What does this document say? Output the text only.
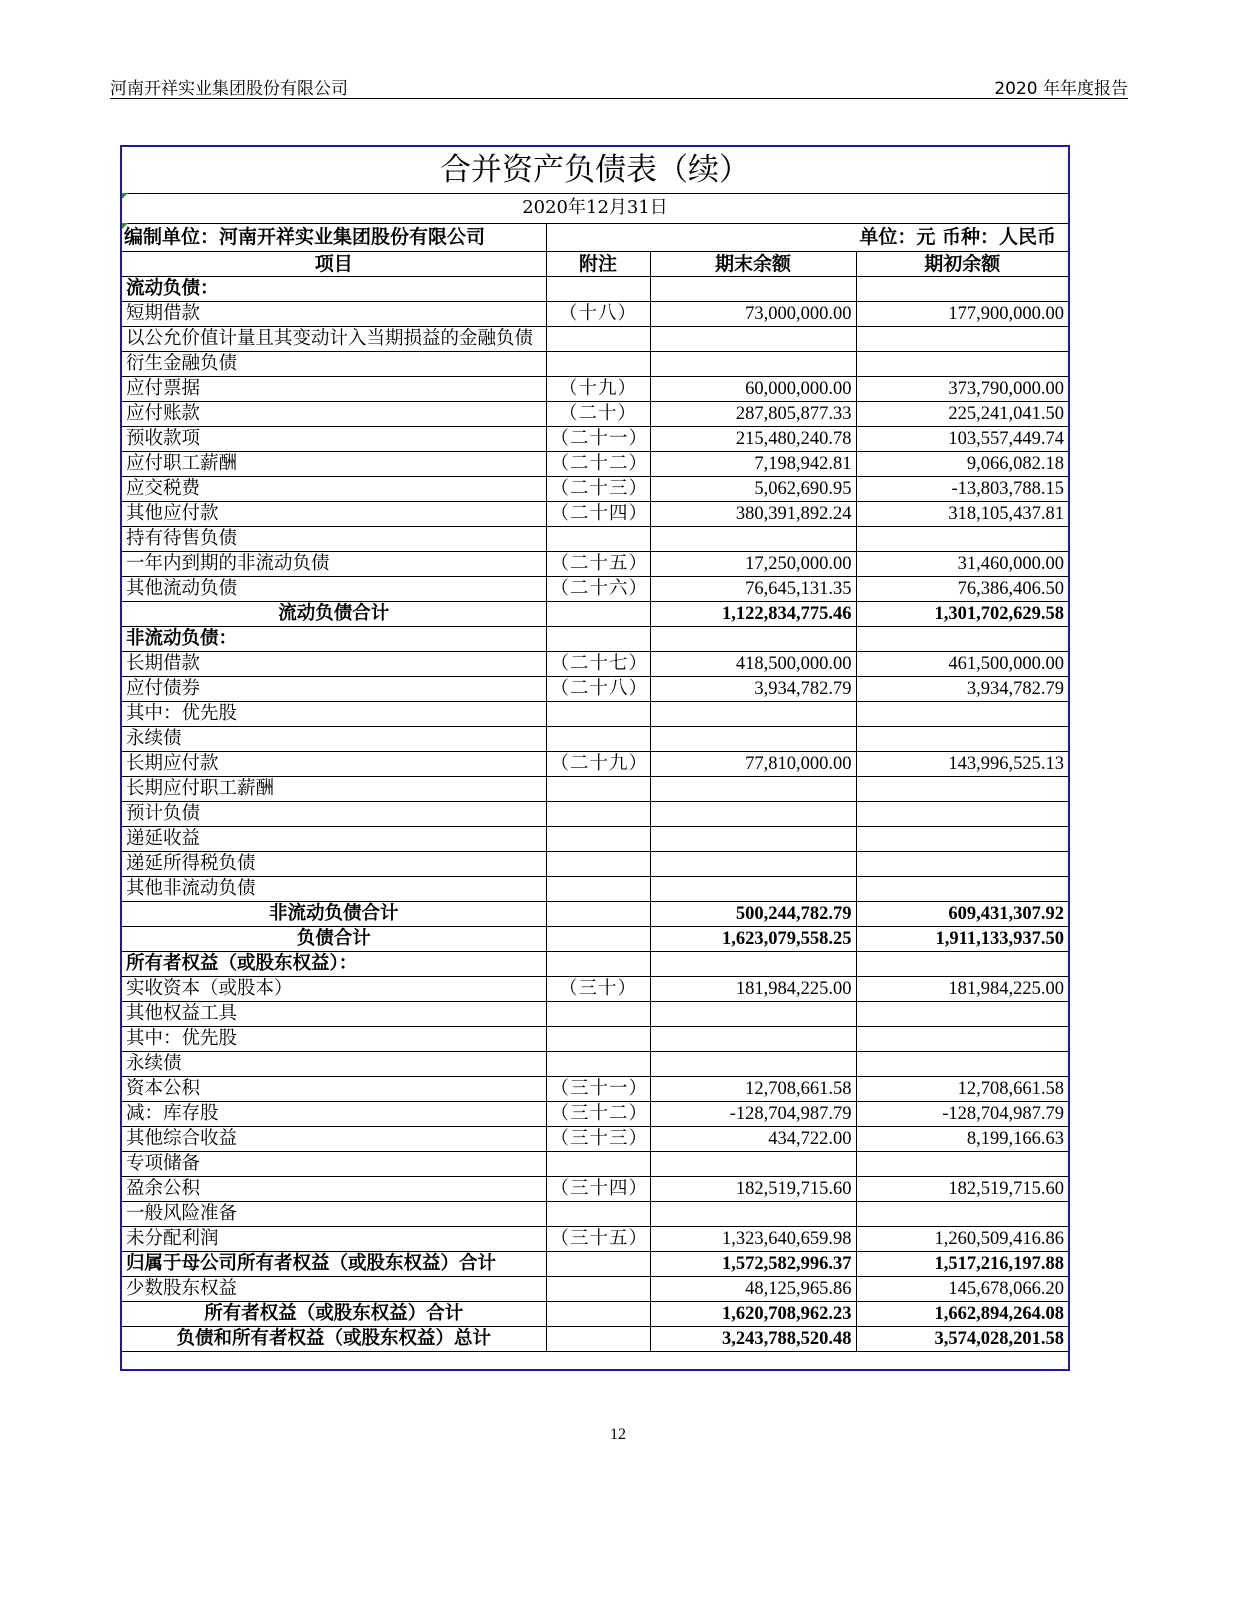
河南开祥实业集团股份有限公司	2020 年年度报告
合并资产负债表（续）
2020年12月31日
编制单位：河南开祥实业集团股份有限公司	单位：元 币种：人民币
项目	附注	期末余额	期初余额
流动负债：			
短期借款	（十八）	73,000,000.00	177,900,000.00
以公允价值计量且其变动计入当期损益的金融负债			
衍生金融负债			
应付票据	（十九）	60,000,000.00	373,790,000.00
应付账款	（二十）	287,805,877.33	225,241,041.50
预收款项	（二十一）	215,480,240.78	103,557,449.74
应付职工薪酬	（二十二）	7,198,942.81	9,066,082.18
应交税费	（二十三）	5,062,690.95	-13,803,788.15
其他应付款	（二十四）	380,391,892.24	318,105,437.81
持有待售负债			
一年内到期的非流动负债	（二十五）	17,250,000.00	31,460,000.00
其他流动负债	（二十六）	76,645,131.35	76,386,406.50
流动负债合计		1,122,834,775.46	1,301,702,629.58
非流动负债：			
长期借款	（二十七）	418,500,000.00	461,500,000.00
应付债券	（二十八）	3,934,782.79	3,934,782.79
其中：优先股			
永续债			
长期应付款	（二十九）	77,810,000.00	143,996,525.13
长期应付职工薪酬			
预计负债			
递延收益			
递延所得税负债			
其他非流动负债			
非流动负债合计		500,244,782.79	609,431,307.92
负债合计		1,623,079,558.25	1,911,133,937.50
所有者权益（或股东权益）：			
实收资本（或股本）	（三十）	181,984,225.00	181,984,225.00
其他权益工具			
其中：优先股			
永续债			
资本公积	（三十一）	12,708,661.58	12,708,661.58
减：库存股	（三十二）	-128,704,987.79	-128,704,987.79
其他综合收益	（三十三）	434,722.00	8,199,166.63
专项储备			
盈余公积	（三十四）	182,519,715.60	182,519,715.60
一般风险准备			
未分配利润	（三十五）	1,323,640,659.98	1,260,509,416.86
归属于母公司所有者权益（或股东权益）合计		1,572,582,996.37	1,517,216,197.88
少数股东权益		48,125,965.86	145,678,066.20
所有者权益（或股东权益）合计		1,620,708,962.23	1,662,894,264.08
负债和所有者权益（或股东权益）总计		3,243,788,520.48	3,574,028,201.58
12
